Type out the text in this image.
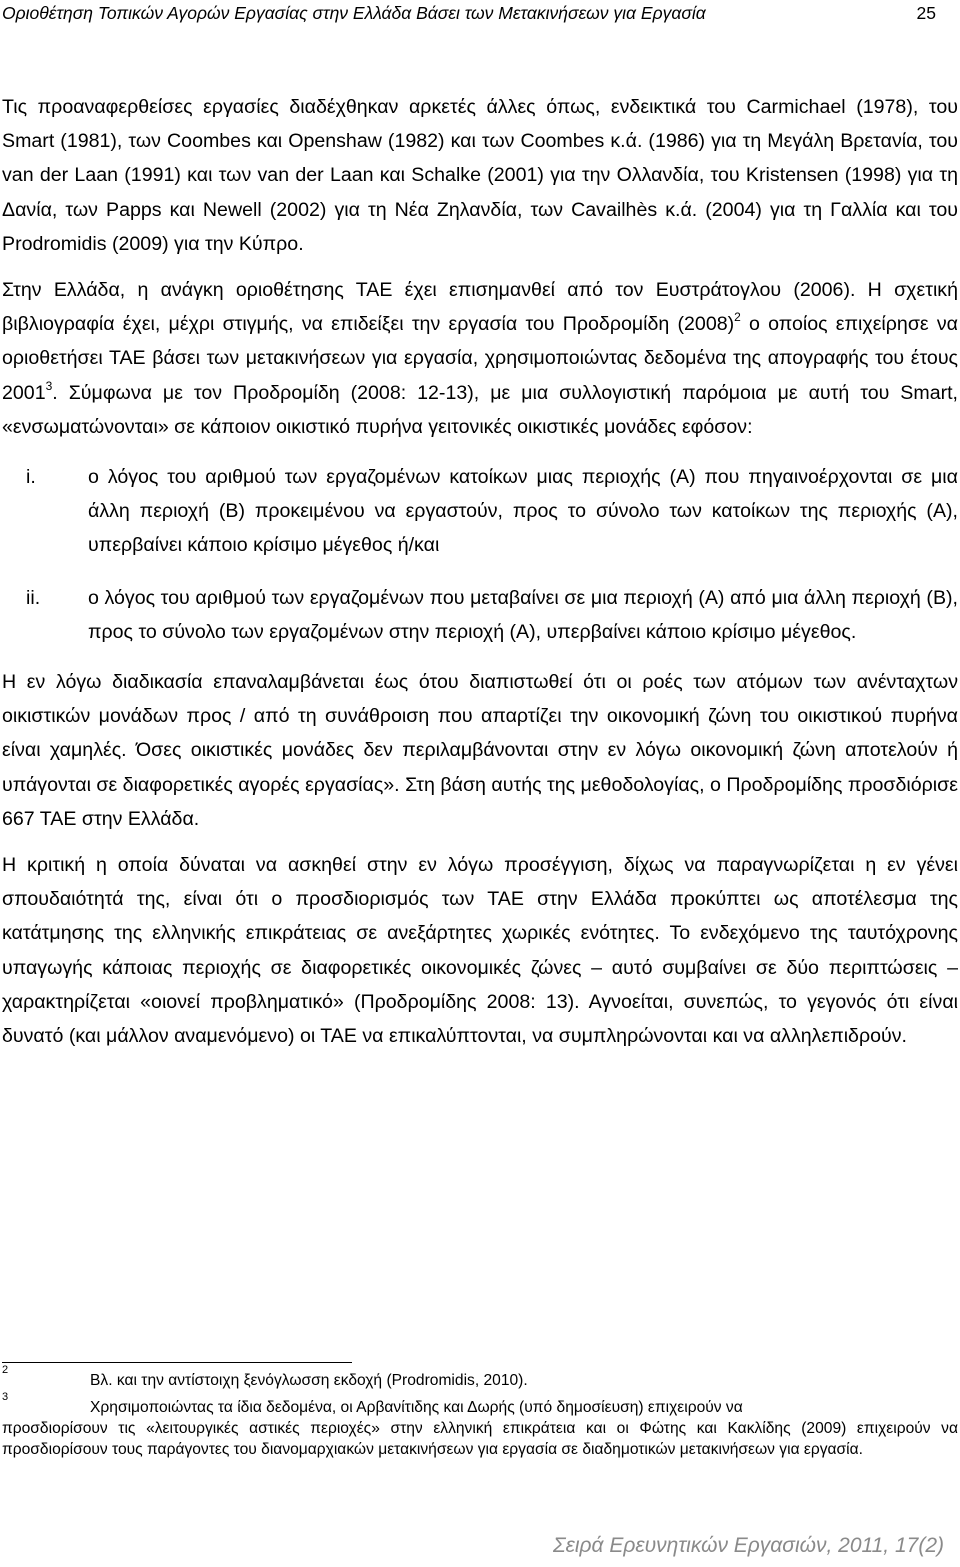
Οριοθέτηση Τοπικών Αγορών Εργασίας στην Ελλάδα Βάσει των Μετακινήσεων για Εργασία	25

Τις προαναφερθείσες εργασίες διαδέχθηκαν αρκετές άλλες όπως, ενδεικτικά του Carmichael (1978), του Smart (1981), των Coombes και Openshaw (1982) και των Coombes κ.ά. (1986) για τη Μεγάλη Βρετανία, του van der Laan (1991) και των van der Laan και Schalke (2001) για την Ολλανδία, του Kristensen (1998) για τη Δανία, των Papps και Newell (2002) για τη Νέα Ζηλανδία, των Cavailhès κ.ά. (2004) για τη Γαλλία και του Prodromidis (2009) για την Κύπρο.

Στην Ελλάδα, η ανάγκη οριοθέτησης ΤΑΕ έχει επισημανθεί από τον Ευστράτογλου (2006). Η σχετική βιβλιογραφία έχει, μέχρι στιγμής, να επιδείξει την εργασία του Προδρομίδη $(2008)^2$ ο οποίος επιχείρησε να οριοθετήσει ΤΑΕ βάσει των μετακινήσεων για εργασία, χρησιμοποιώντας δεδομένα της απογραφής του έτους 2001$^3$. Σύμφωνα με τον Προδρομίδη (2008: 12-13), με μια συλλογιστική παρόμοια με αυτή του Smart, «ενσωματώνονται» σε κάποιον οικιστικό πυρήνα γειτονικές οικιστικές μονάδες εφόσον:

i.	ο λόγος του αριθμού των εργαζομένων κατοίκων μιας περιοχής (Α) που πηγαινοέρχονται σε μια άλλη περιοχή (Β) προκειμένου να εργαστούν, προς το σύνολο των κατοίκων της περιοχής (Α), υπερβαίνει κάποιο κρίσιμο μέγεθος ή/και
ii.	ο λόγος του αριθμού των εργαζομένων που μεταβαίνει σε μια περιοχή (Α) από μια άλλη περιοχή (Β), προς το σύνολο των εργαζομένων στην περιοχή (Α), υπερβαίνει κάποιο κρίσιμο μέγεθος.

Η εν λόγω διαδικασία επαναλαμβάνεται έως ότου διαπιστωθεί ότι οι ροές των ατόμων των ανένταχτων οικιστικών μονάδων προς / από τη συνάθροιση που απαρτίζει την οικονομική ζώνη του οικιστικού πυρήνα είναι χαμηλές. Όσες οικιστικές μονάδες δεν περιλαμβάνονται στην εν λόγω οικονομική ζώνη αποτελούν ή υπάγονται σε διαφορετικές αγορές εργασίας». Στη βάση αυτής της μεθοδολογίας, ο Προδρομίδης προσδιόρισε 667 ΤΑΕ στην Ελλάδα.

Η κριτική η οποία δύναται να ασκηθεί στην εν λόγω προσέγγιση, δίχως να παραγνωρίζεται η εν γένει σπουδαιότητά της, είναι ότι ο προσδιορισμός των ΤΑΕ στην Ελλάδα προκύπτει ως αποτέλεσμα της κατάτμησης της ελληνικής επικράτειας σε ανεξάρτητες χωρικές ενότητες. Το ενδεχόμενο της ταυτόχρονης υπαγωγής κάποιας περιοχής σε διαφορετικές οικονομικές ζώνες – αυτό συμβαίνει σε δύο περιπτώσεις – χαρακτηρίζεται «οιονεί προβληματικό» (Προδρομίδης 2008: 13). Αγνοείται, συνεπώς, το γεγονός ότι είναι δυνατό (και μάλλον αναμενόμενο) οι ΤΑΕ να επικαλύπτονται, να συμπληρώνονται και να αλληλεπιδρούν.

2
Βλ. και την αντίστοιχη ξενόγλωσση εκδοχή (Prodromidis, 2010).
3
Χρησιμοποιώντας τα ίδια δεδομένα, οι Αρβανίτιδης και Δωρής (υπό δημοσίευση) επιχειρούν να
προσδιορίσουν τις «λειτουργικές αστικές περιοχές» στην ελληνική επικράτεια και οι Φώτης και Κακλίδης (2009) επιχειρούν να προσδιορίσουν τους παράγοντες του διανομαρχιακών μετακινήσεων για εργασία σε διαδημοτικών μετακινήσεων για εργασία.
Σειρά Ερευνητικών Εργασιών, 2011, 17(2)
